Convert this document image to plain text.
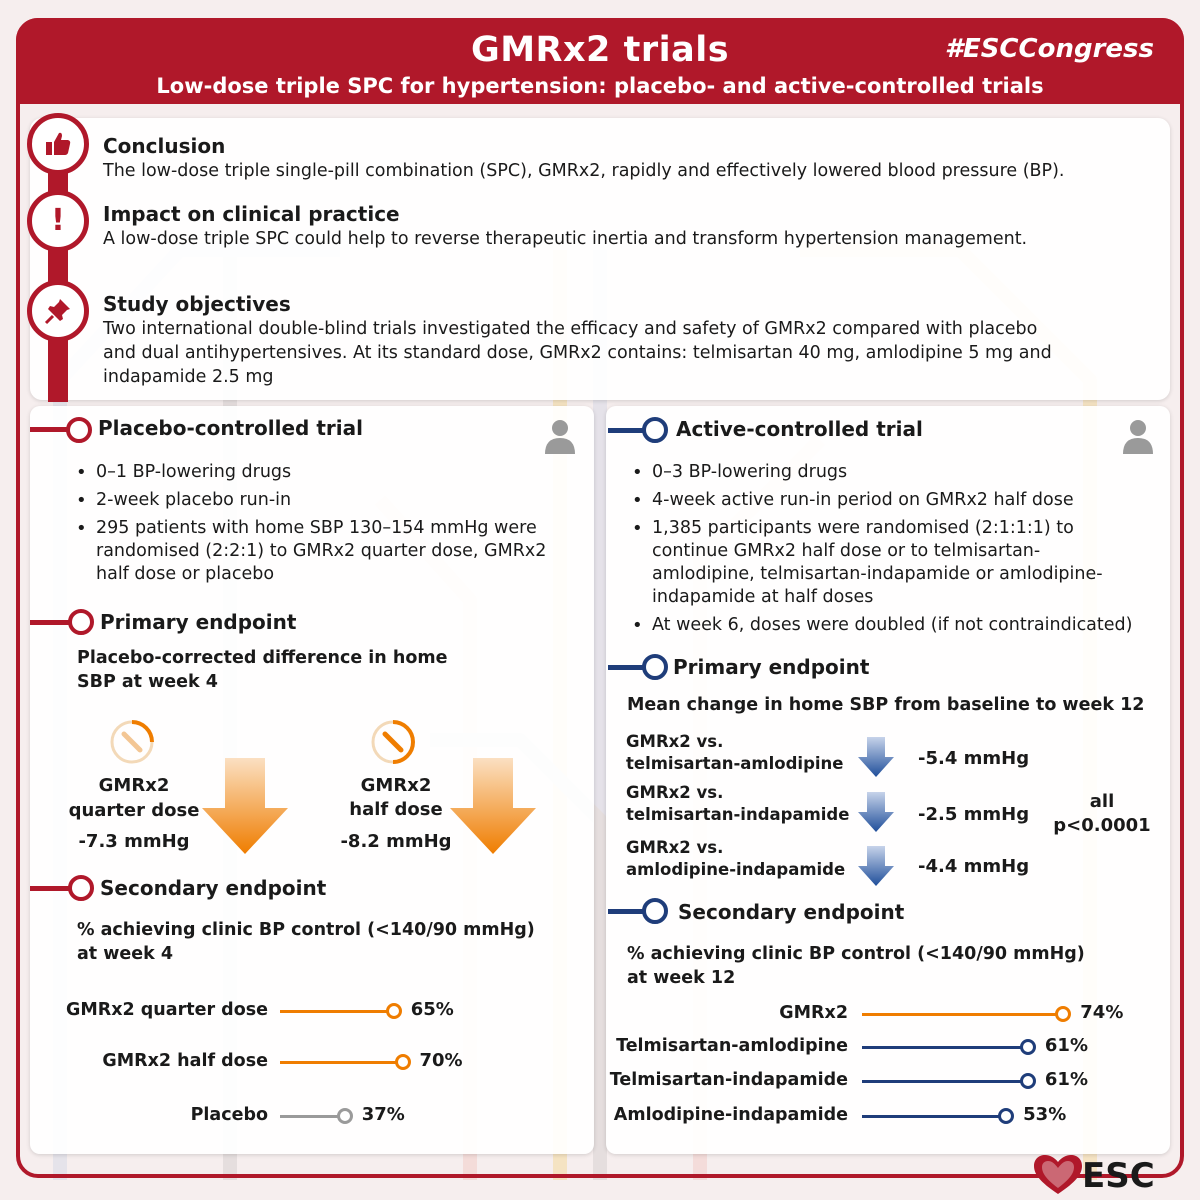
GMRx2 trials
Low-dose triple SPC for hypertension: placebo- and active-controlled trials
#ESCCongress
Conclusion
The low-dose triple single-pill combination (SPC), GMRx2, rapidly and effectively lowered blood pressure (BP).
! Impact on clinical practice
A low-dose triple SPC could help to reverse therapeutic inertia and transform hypertension management.
Study objectives
Two international double-blind trials investigated the efficacy and safety of GMRx2 compared with placebo
and dual antihypertensives. At its standard dose, GMRx2 contains: telmisartan 40 mg, amlodipine 5 mg and
indapamide 2.5 mg
Placebo-controlled trial
• 0–1 BP-lowering drugs
• 2-week placebo run-in
• 295 patients with home SBP 130–154 mmHg were randomised (2:2:1) to GMRx2 quarter dose, GMRx2 half dose or placebo
Primary endpoint
Placebo-corrected difference in home
SBP at week 4
GMRx2
quarter dose
-7.3 mmHg
GMRx2
half dose
-8.2 mmHg
Secondary endpoint
% achieving clinic BP control (<140/90 mmHg)
at week 4
GMRx2 quarter dose	65%
GMRx2 half dose	70%
Placebo	37%
Active-controlled trial
• 0–3 BP-lowering drugs
• 4-week active run-in period on GMRx2 half dose
• 1,385 participants were randomised (2:1:1:1) to continue GMRx2 half dose or to telmisartan-amlodipine, telmisartan-indapamide or amlodipine-indapamide at half doses
• At week 6, doses were doubled (if not contraindicated)
Primary endpoint
Mean change in home SBP from baseline to week 12
GMRx2 vs.
telmisartan-amlodipine	-5.4 mmHg
GMRx2 vs.
telmisartan-indapamide	-2.5 mmHg
GMRx2 vs.
amlodipine-indapamide	-4.4 mmHg
all
p<0.0001
Secondary endpoint
% achieving clinic BP control (<140/90 mmHg)
at week 12
GMRx2	74%
Telmisartan-amlodipine	61%
Telmisartan-indapamide	61%
Amlodipine-indapamide	53%
ESC
